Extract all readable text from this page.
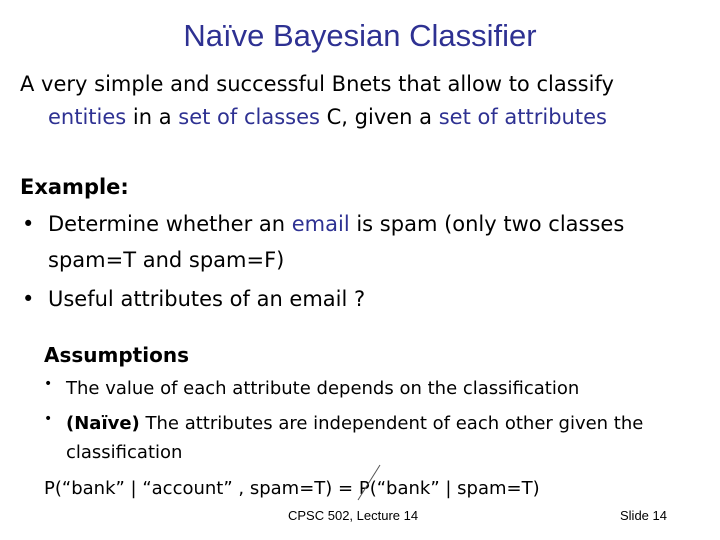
Naïve Bayesian Classifier
A very simple and successful Bnets that allow to classify
entities in a set of classes C, given a set of attributes
Example:
• Determine whether an email is spam (only two classes
spam=T and spam=F)
• Useful attributes of an email ?
Assumptions
• The value of each attribute depends on the classification
• (Naïve) The attributes are independent of each other given the
classification
P(“bank” | “account” , spam=T) = P(“bank” | spam=T)
CPSC 502, Lecture 14	Slide 14
